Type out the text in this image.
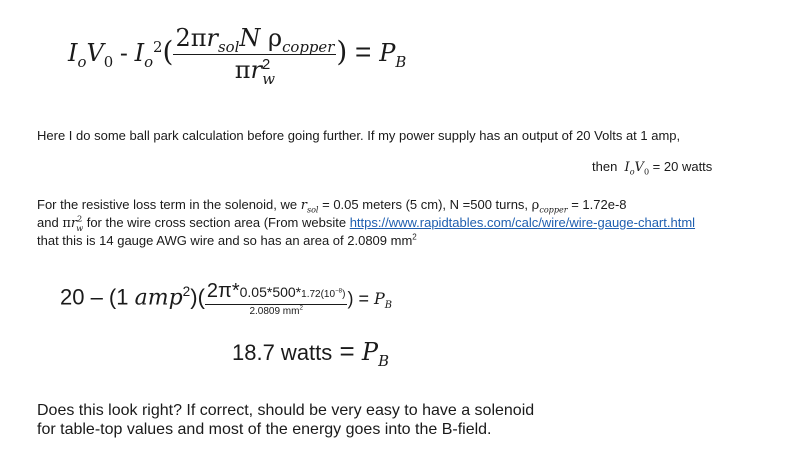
$I_oV_0 - I_o^2( \frac{2\pi r_{sol}N \rho_{copper}}{\pi r^2_w}$ ) = $P_B$
Here I do some ball park calculation before going further. If my power supply has an output of 20 Volts at 1 amp,
then $I_oV_0 = 20$ watts
For the resistive loss term in the solenoid, we $r_{sol} = 0.05$ meters (5 cm), N =500 turns, $\rho_{copper} = 1.72e-8$
and $\pi r^2_w$ for the wire cross section area (From website https://www.rapidtables.com/calc/wire/wire-gauge-chart.html
that this is 14 gauge AWG wire and so has an area of 2.0809 $mm^2$
20 – (1 $amp^2)( \frac{2\pi*0.05*500*1.72(10^{-8})}{2.0809 mm^2}$ ) = $P_B$
18.7 watts = $P_B$
Does this look right? If correct, should be very easy to have a solenoid
for table-top values and most of the energy goes into the B-field.
